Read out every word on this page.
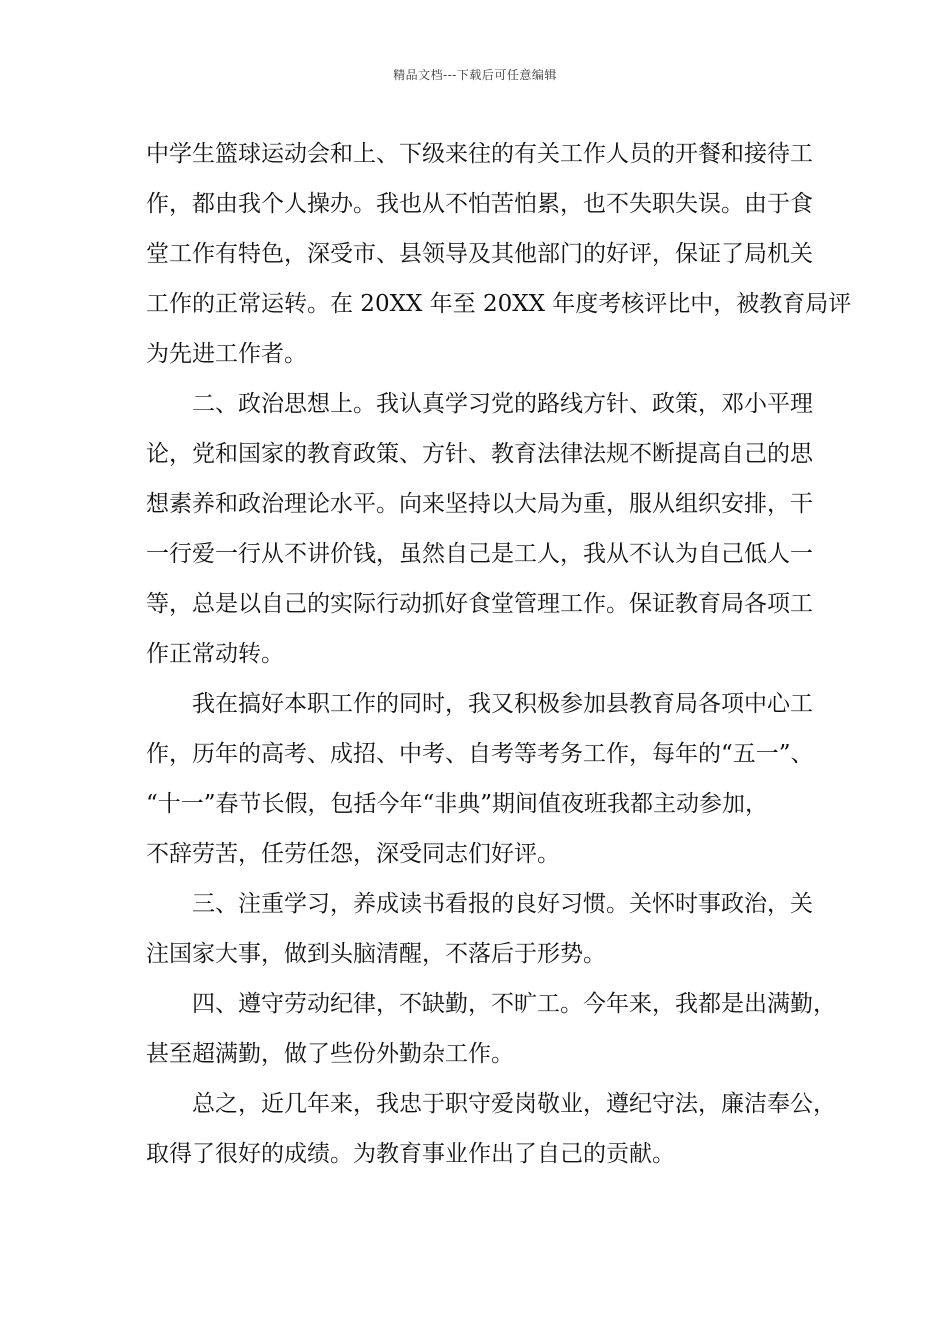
精品文档---下载后可任意编辑
中学生篮球运动会和上、下级来往的有关工作人员的开餐和接待工
作，都由我个人操办。我也从不怕苦怕累，也不失职失误。由于食
堂工作有特色，深受市、县领导及其他部门的好评，保证了局机关
工作的正常运转。在 20XX 年至 20XX 年度考核评比中，被教育局评
为先进工作者。
二、政治思想上。我认真学习党的路线方针、政策，邓小平理
论，党和国家的教育政策、方针、教育法律法规不断提高自己的思
想素养和政治理论水平。向来坚持以大局为重，服从组织安排，干
一行爱一行从不讲价钱，虽然自己是工人，我从不认为自己低人一
等，总是以自己的实际行动抓好食堂管理工作。保证教育局各项工
作正常动转。
我在搞好本职工作的同时，我又积极参加县教育局各项中心工
作，历年的高考、成招、中考、自考等考务工作，每年的“五一”、
“十一”春节长假，包括今年“非典”期间值夜班我都主动参加，
不辞劳苦，任劳任怨，深受同志们好评。
三、注重学习，养成读书看报的良好习惯。关怀时事政治，关
注国家大事，做到头脑清醒，不落后于形势。
四、遵守劳动纪律，不缺勤，不旷工。今年来，我都是出满勤，
甚至超满勤，做了些份外勤杂工作。
总之，近几年来，我忠于职守爱岗敬业，遵纪守法，廉洁奉公，
取得了很好的成绩。为教育事业作出了自己的贡献。
